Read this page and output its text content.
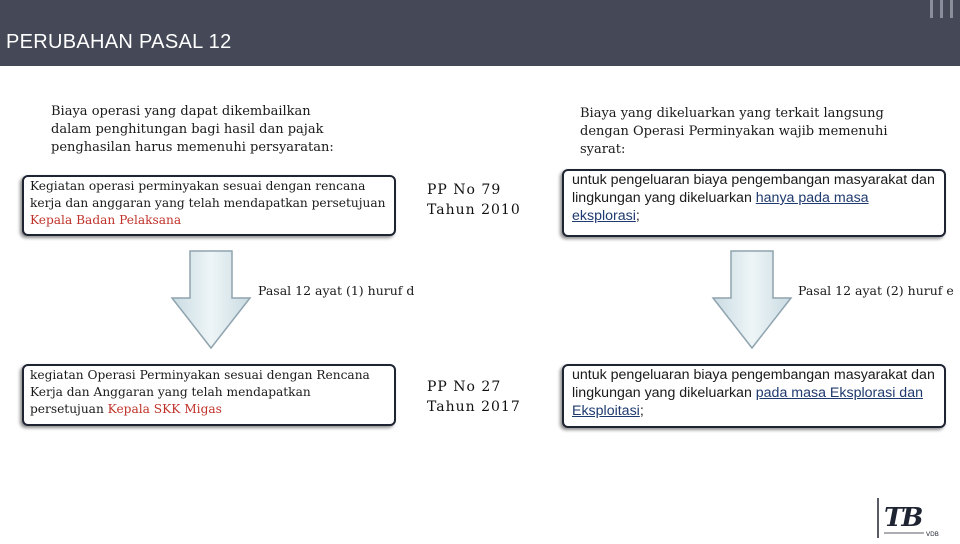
PERUBAHAN PASAL 12
Biaya operasi yang dapat dikembailkan
dalam penghitungan bagi hasil dan pajak
penghasilan harus memenuhi persyaratan:
Biaya yang dikeluarkan yang terkait langsung
dengan Operasi Perminyakan wajib memenuhi
syarat:
Kegiatan operasi perminyakan sesuai dengan rencana kerja dan anggaran yang telah mendapatkan persetujuan Kepala Badan Pelaksana
kegiatan Operasi Perminyakan sesuai dengan Rencana Kerja dan Anggaran yang telah mendapatkan persetujuan Kepala SKK Migas
untuk pengeluaran biaya pengembangan masyarakat dan lingkungan yang dikeluarkan hanya pada masa eksplorasi;
untuk pengeluaran biaya pengembangan masyarakat dan lingkungan yang dikeluarkan pada masa Eksplorasi dan Eksploitasi;
PP No 79
Tahun 2010
PP No 27
Tahun 2017
Pasal 12 ayat (1) huruf d	Pasal 12 ayat (2) huruf e
TB
VDB
